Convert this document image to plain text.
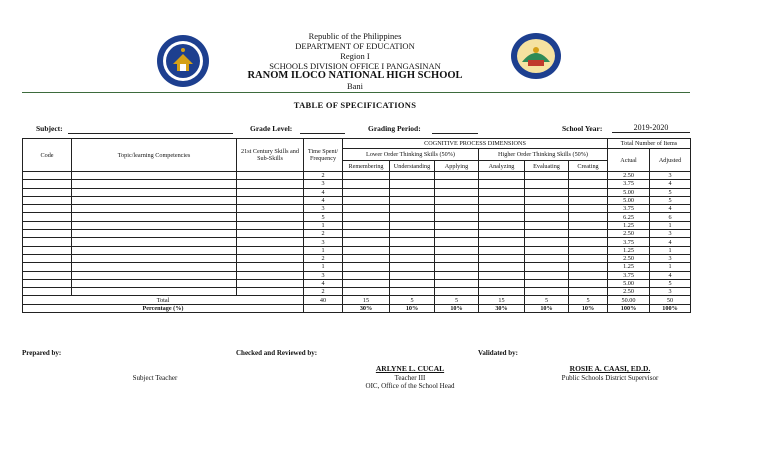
Republic of the Philippines
DEPARTMENT OF EDUCATION
Region I
SCHOOLS DIVISION OFFICE I PANGASINAN
RANOM ILOCO NATIONAL HIGH SCHOOL
Bani
TABLE OF SPECIFICATIONS
Subject:	Grade Level:	Grading Period:	School Year:	2019-2020
Code	Topic/learning Competencies	21st Century Skills and Sub-Skills	Time Spent/ Frequency	COGNITIVE PROCESS DIMENSIONS						Total Number of Items	
				Lower Order Thinking Skills (50%)			Higher Order Thinking Skills (50%)			Actual	Adjusted
				Remembering	Understanding	Applying	Analyzing	Evaluating	Creating		
			2							2.50	3
			3							3.75	4
			4							5.00	5
			4							5.00	5
			3							3.75	4
			5							6.25	6
			1							1.25	1
			2							2.50	3
			3							3.75	4
			1							1.25	1
			2							2.50	3
			1							1.25	1
			3							3.75	4
			4							5.00	5
			2							2.50	3
Total			40	15	5	5	15	5	5	50.00	50
Percentage (%)				30%	10%	10%	30%	10%	10%	100%	100%
Prepared by:
Subject Teacher
Checked and Reviewed by:
ARLYNE L. CUCAL
Teacher III
OIC, Office of the School Head
Validated by:
ROSIE A. CAASI, ED.D.
Public Schools District Supervisor
